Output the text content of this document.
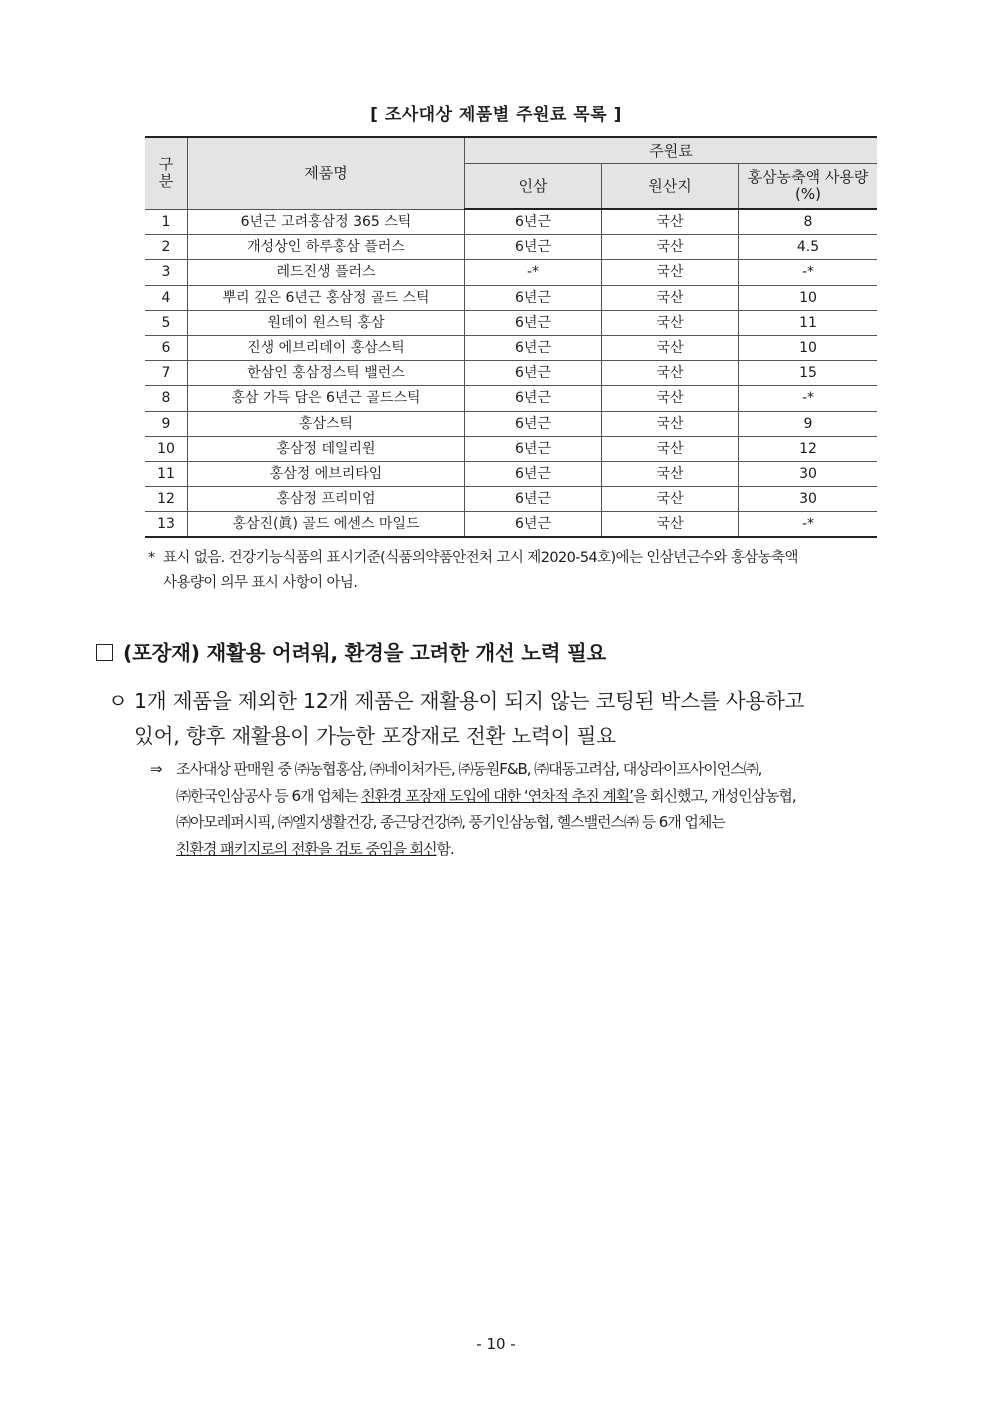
[ 조사대상 제품별 주원료 목록 ]
구분	제품명	주원료		
		인삼	원산지	홍삼농축액 사용량(%)
1	6년근 고려홍삼정 365 스틱	6년근	국산	8
2	개성상인 하루홍삼 플러스	6년근	국산	4.5
3	레드진생 플러스	-*	국산	-*
4	뿌리 깊은 6년근 홍삼정 골드 스틱	6년근	국산	10
5	원데이 원스틱 홍삼	6년근	국산	11
6	진생 에브리데이 홍삼스틱	6년근	국산	10
7	한삼인 홍삼정스틱 밸런스	6년근	국산	15
8	홍삼 가득 담은 6년근 골드스틱	6년근	국산	-*
9	홍삼스틱	6년근	국산	9
10	홍삼정 데일리원	6년근	국산	12
11	홍삼정 에브리타임	6년근	국산	30
12	홍삼정 프리미엄	6년근	국산	30
13	홍삼진(眞) 골드 에센스 마일드	6년근	국산	-*
* 표시 없음. 건강기능식품의 표시기준(식품의약품안전처 고시 제2020-54호)에는 인삼년근수와 홍삼농축액
사용량이 의무 표시 사항이 아님.
(포장재) 재활용 어려워, 환경을 고려한 개선 노력 필요
ㅇ 1개 제품을 제외한 12개 제품은 재활용이 되지 않는 코팅된 박스를 사용하고
있어, 향후 재활용이 가능한 포장재로 전환 노력이 필요
⇒ 조사대상 판매원 중 ㈜농협홍삼, ㈜네이처가든, ㈜동원F&B, ㈜대동고려삼, 대상라이프사이언스㈜,
㈜한국인삼공사 등 6개 업체는 친환경 포장재 도입에 대한 ‘연차적 추진 계획’을 회신했고, 개성인삼농협,
㈜아모레퍼시픽, ㈜엘지생활건강, 종근당건강㈜, 풍기인삼농협, 헬스밸런스㈜ 등 6개 업체는
친환경 패키지로의 전환을 검토 중임을 회신함.
- 10 -
